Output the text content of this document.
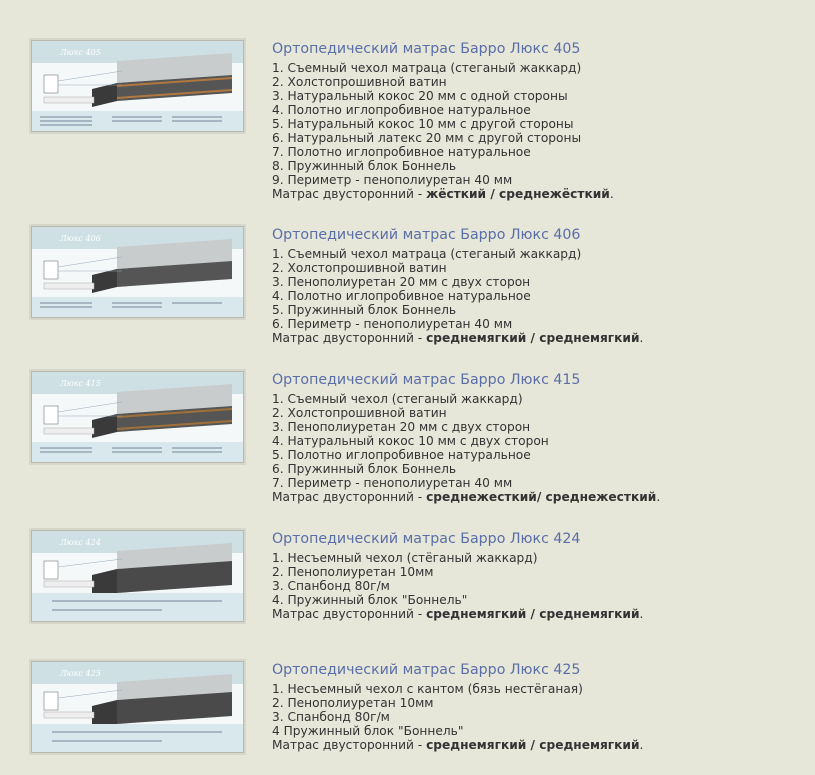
Люкс 405	Ортопедический матрас Барро Люкс 405
1. Съемный чехол матраца (стеганый жаккард)
2. Холстопрошивной ватин
3. Натуральный кокос 20 мм с одной стороны
4. Полотно иглопробивное натуральное
5. Натуральный кокос 10 мм с другой стороны
6. Натуральный латекс 20 мм с другой стороны
7. Полотно иглопробивное натуральное
8. Пружинный блок Боннель
9. Периметр - пенополиуретан 40 мм
Матрас двусторонний - жёсткий / среднежёсткий.
Люкс 406	Ортопедический матрас Барро Люкс 406
1. Съемный чехол матраца (стеганый жаккард)
2. Холстопрошивной ватин
3. Пенополиуретан 20 мм с двух сторон
4. Полотно иглопробивное натуральное
5. Пружинный блок Боннель
6. Периметр - пенополиуретан 40 мм
Матрас двусторонний - среднемягкий / среднемягкий.
Люкс 415	Ортопедический матрас Барро Люкс 415
1. Съемный чехол (стеганый жаккард)
2. Холстопрошивной ватин
3. Пенополиуретан 20 мм с двух сторон
4. Натуральный кокос 10 мм с двух сторон
5. Полотно иглопробивное натуральное
6. Пружинный блок Боннель
7. Периметр - пенополиуретан 40 мм
Матрас двусторонний - среднежесткий/ среднежесткий.
Люкс 424	Ортопедический матрас Барро Люкс 424
1. Несъемный чехол (стёганый жаккард)
2. Пенополиуретан 10мм
3. Спанбонд 80г/м
4. Пружинный блок "Боннель"
Матрас двусторонний - среднемягкий / среднемягкий.
Люкс 425	Ортопедический матрас Барро Люкс 425
1. Несъемный чехол с кантом (бязь нестёганая)
2. Пенополиуретан 10мм
3. Спанбонд 80г/м
4 Пружинный блок "Боннель"
Матрас двусторонний - среднемягкий / среднемягкий.
